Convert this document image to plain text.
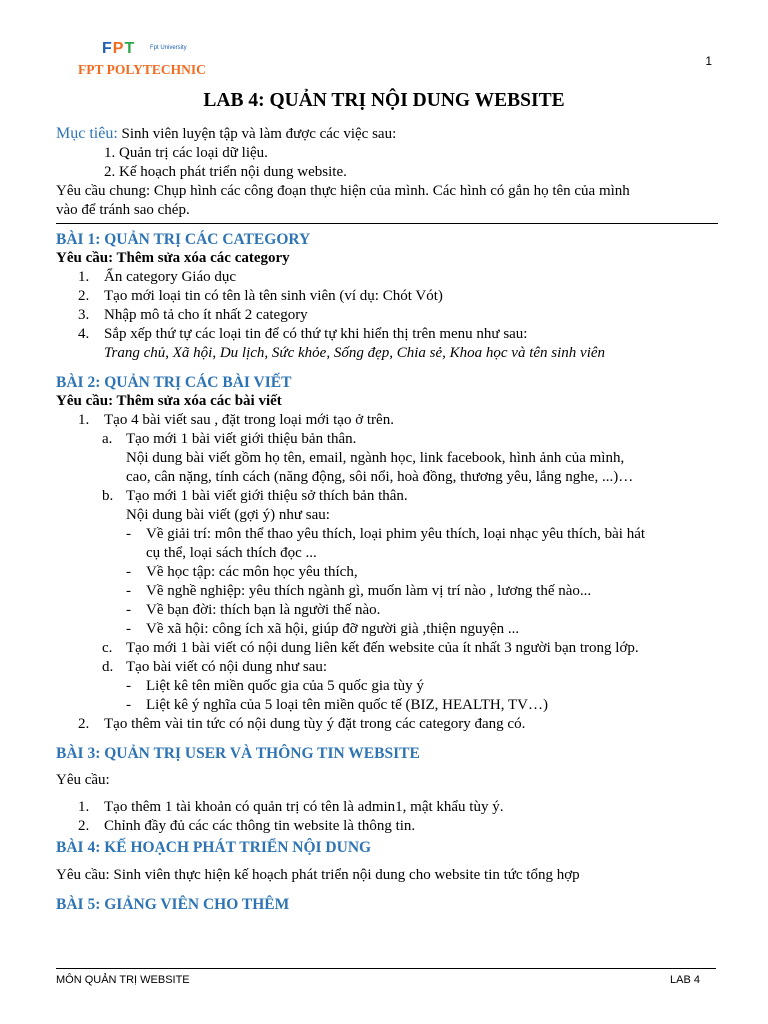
FPT Fpt University
FPT POLYTECHNIC
1
LAB 4: QUẢN TRỊ NỘI DUNG WEBSITE
Mục tiêu: Sinh viên luyện tập và làm được các việc sau:
1. Quản trị các loại dữ liệu.
2. Kế hoạch phát triển nội dung website.
Yêu cầu chung: Chụp hình các công đoạn thực hiện của mình. Các hình có gắn họ tên của mình
vào để tránh sao chép.
BÀI 1: QUẢN TRỊ CÁC CATEGORY
Yêu cầu: Thêm sửa xóa các category
1. Ẩn category Giáo dục
2. Tạo mới loại tin có tên là tên sinh viên (ví dụ: Chót Vót)
3. Nhập mô tả cho ít nhất 2 category
4. Sắp xếp thứ tự các loại tin để có thứ tự khi hiển thị trên menu như sau:
Trang chủ, Xã hội, Du lịch, Sức khỏe, Sống đẹp, Chia sẻ, Khoa học và tên sinh viên
BÀI 2: QUẢN TRỊ CÁC BÀI VIẾT
Yêu cầu: Thêm sửa xóa các bài viết
1. Tạo 4 bài viết sau , đặt trong loại mới tạo ở trên.
a. Tạo mới 1 bài viết giới thiệu bản thân.
Nội dung bài viết gồm họ tên, email, ngành học, link facebook, hình ảnh của mình,
cao, cân nặng, tính cách (năng động, sôi nổi, hoà đồng, thương yêu, lắng nghe, ...)…
b. Tạo mới 1 bài viết giới thiệu sở thích bản thân.
Nội dung bài viết (gợi ý) như sau:
- Về giải trí: môn thể thao yêu thích, loại phim yêu thích, loại nhạc yêu thích, bài hát
cụ thể, loại sách thích đọc ...
- Về học tập: các môn học yêu thích,
- Về nghề nghiệp: yêu thích ngành gì, muốn làm vị trí nào , lương thế nào...
- Về bạn đời: thích bạn là người thế nào.
- Về xã hội: công ích xã hội, giúp đỡ người già ,thiện nguyện ...
c. Tạo mới 1 bài viết có nội dung liên kết đến website của ít nhất 3 người bạn trong lớp.
d. Tạo bài viết có nội dung như sau:
- Liệt kê tên miền quốc gia của 5 quốc gia tùy ý
- Liệt kê ý nghĩa của 5 loại tên miền quốc tế (BIZ, HEALTH, TV…)
2. Tạo thêm vài tin tức có nội dung tùy ý đặt trong các category đang có.
BÀI 3: QUẢN TRỊ USER VÀ THÔNG TIN WEBSITE
Yêu cầu:
1. Tạo thêm 1 tài khoản có quản trị có tên là admin1, mật khẩu tùy ý.
2. Chỉnh đầy đủ các các thông tin website là thông tin.
BÀI 4: KẾ HOẠCH PHÁT TRIỂN NỘI DUNG
Yêu cầu: Sinh viên thực hiện kế hoạch phát triển nội dung cho website tin tức tổng hợp
BÀI 5: GIẢNG VIÊN CHO THÊM
MÔN QUẢN TRỊ WEBSITE	LAB 4
